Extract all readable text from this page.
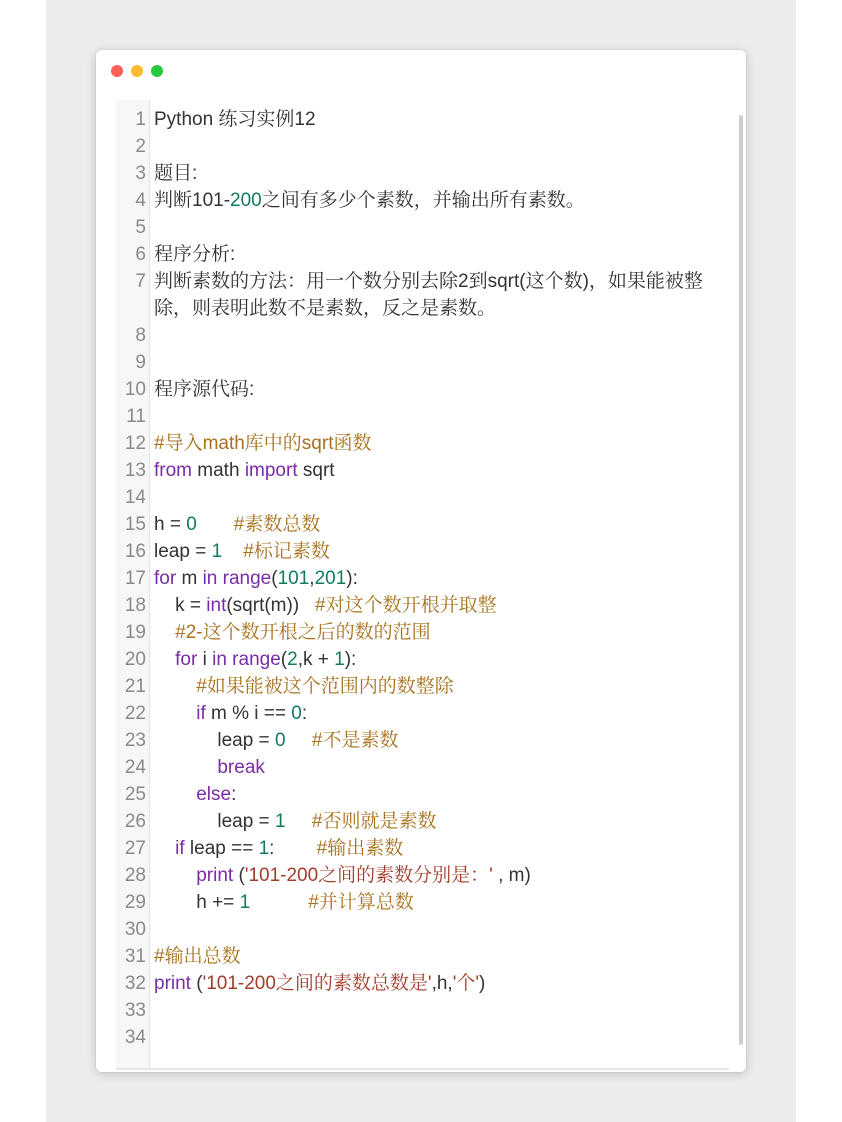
1 Python 练习实例12
2
3 题目:
4 判断101-200之间有多少个素数，并输出所有素数。
5
6 程序分析:
7 判断素数的方法：用一个数分别去除2到sqrt(这个数)，如果能被整除，则表明此数不是素数，反之是素数。
8
9
10 程序源代码:
11
12 #导入math库中的sqrt函数
13 from math import sqrt
14
15 h = 0 #素数总数
16 leap = 1 #标记素数
17 for m in range(101,201):
18 k = int(sqrt(m))   #对这个数开根并取整
19	#2-这个数开根之后的数的范围
20	for i in range(2,k + 1):
21	#如果能被这个范围内的数整除
22	if m % i == 0:
23 leap = 0 #不是素数
24	break
25	else:
26 leap = 1 #否则就是素数
27	if leap == 1:        #输出素数
28	print ('101-200之间的素数分别是：' , m)
29 h += 1	#并计算总数
30
31 #输出总数
32 print ('101-200之间的素数总数是',h,'个')
33
34
